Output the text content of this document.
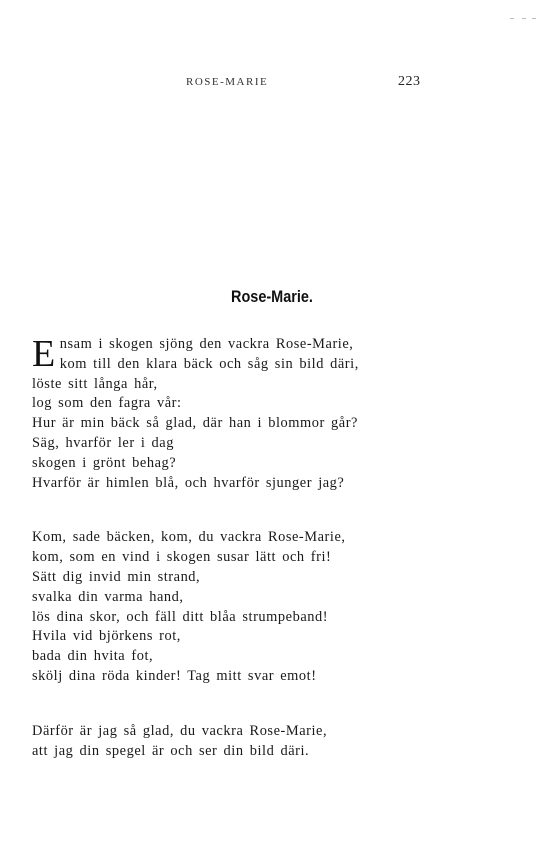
ROSE-MARIE	223
Rose-Marie.
E nsam i skogen sjöng den vackra Rose-Marie,
kom till den klara bäck och såg sin bild däri,
löste sitt långa hår,
log som den fagra vår:
Hur är min bäck så glad, där han i blommor går?
Säg, hvarför ler i dag
skogen i grönt behag?
Hvarför är himlen blå, och hvarför sjunger jag?
Kom, sade bäcken, kom, du vackra Rose-Marie,
kom, som en vind i skogen susar lätt och fri!
Sätt dig invid min strand,
svalka din varma hand,
lös dina skor, och fäll ditt blåa strumpeband!
Hvila vid björkens rot,
bada din hvita fot,
skölj dina röda kinder! Tag mitt svar emot!
Därför är jag så glad, du vackra Rose-Marie,
att jag din spegel är och ser din bild däri.
